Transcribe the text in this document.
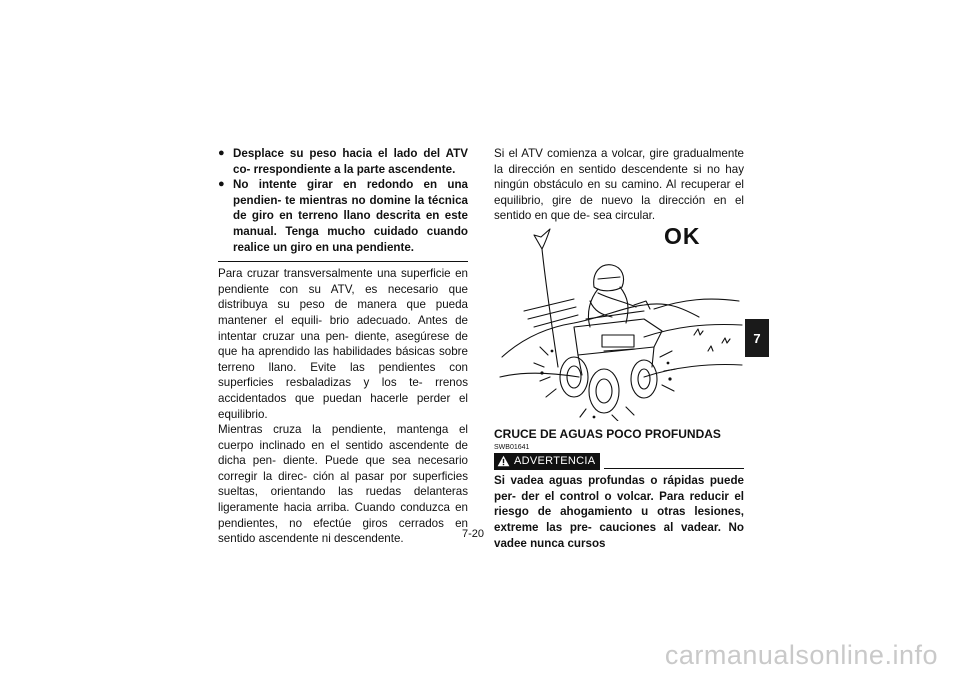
● Desplace su peso hacia el lado del ATV co- rrespondiente a la parte ascendente.
● No intente girar en redondo en una pendien- te mientras no domine la técnica de giro en terreno llano descrita en este manual. Tenga mucho cuidado cuando realice un giro en una pendiente.

Para cruzar transversalmente una superficie en pendiente con su ATV, es necesario que distribuya su peso de manera que pueda mantener el equili- brio adecuado. Antes de intentar cruzar una pen- diente, asegúrese de que ha aprendido las habilidades básicas sobre terreno llano. Evite las pendientes con superficies resbaladizas y los te- rrenos accidentados que puedan hacerle perder el equilibrio.

Mientras cruza la pendiente, mantenga el cuerpo inclinado en el sentido ascendente de dicha pen- diente. Puede que sea necesario corregir la direc- ción al pasar por superficies sueltas, orientando las ruedas delanteras ligeramente hacia arriba. Cuando conduzca en pendientes, no efectúe giros cerrados en sentido ascendente ni descendente.

Si el ATV comienza a volcar, gire gradualmente la dirección en sentido descendente si no hay ningún obstáculo en su camino. Al recuperar el equilibrio, gire de nuevo la dirección en el sentido en que de- sea circular.

OK
CRUCE DE AGUAS POCO PROFUNDAS
SWB01641
ADVERTENCIA
Si vadea aguas profundas o rápidas puede per- der el control o volcar. Para reducir el riesgo de ahogamiento u otras lesiones, extreme las pre- cauciones al vadear. No vadee nunca cursos
7-20
7
carmanualsonline.info
